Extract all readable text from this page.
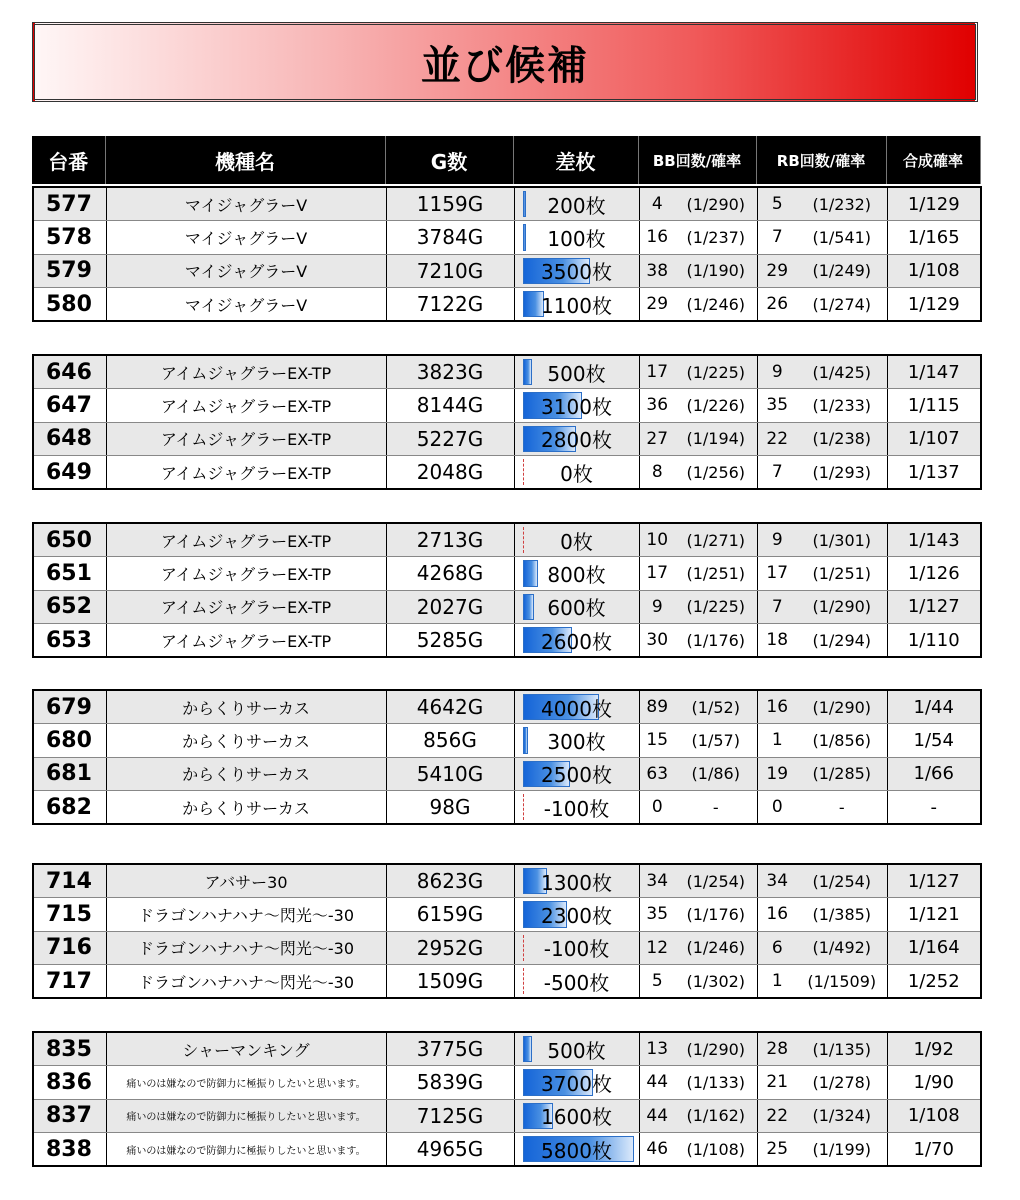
並び候補
台番	機種名	G数	差枚	BB回数/確率	RB回数/確率	合成確率
577	マイジャグラーV	1159G	200枚	4	(1/290)	5	(1/232)	1/129
578	マイジャグラーV	3784G	100枚	16	(1/237)	7	(1/541)	1/165
579	マイジャグラーV	7210G	3500枚	38	(1/190)	29	(1/249)	1/108
580	マイジャグラーV	7122G	1100枚	29	(1/246)	26	(1/274)	1/129
646	アイムジャグラーEX-TP	3823G	500枚	17	(1/225)	9	(1/425)	1/147
647	アイムジャグラーEX-TP	8144G	3100枚	36	(1/226)	35	(1/233)	1/115
648	アイムジャグラーEX-TP	5227G	2800枚	27	(1/194)	22	(1/238)	1/107
649	アイムジャグラーEX-TP	2048G	0枚	8	(1/256)	7	(1/293)	1/137
650	アイムジャグラーEX-TP	2713G	0枚	10	(1/271)	9	(1/301)	1/143
651	アイムジャグラーEX-TP	4268G	800枚	17	(1/251)	17	(1/251)	1/126
652	アイムジャグラーEX-TP	2027G	600枚	9	(1/225)	7	(1/290)	1/127
653	アイムジャグラーEX-TP	5285G	2600枚	30	(1/176)	18	(1/294)	1/110
679	からくりサーカス	4642G	4000枚	89	(1/52)	16	(1/290)	1/44
680	からくりサーカス	856G	300枚	15	(1/57)	1	(1/856)	1/54
681	からくりサーカス	5410G	2500枚	63	(1/86)	19	(1/285)	1/66
682	からくりサーカス	98G	-100枚	0	-	0	-	-
714	アバサー30	8623G	1300枚	34	(1/254)	34	(1/254)	1/127
715	ドラゴンハナハナ～閃光～-30	6159G	2300枚	35	(1/176)	16	(1/385)	1/121
716	ドラゴンハナハナ～閃光～-30	2952G	-100枚	12	(1/246)	6	(1/492)	1/164
717	ドラゴンハナハナ～閃光～-30	1509G	-500枚	5	(1/302)	1	(1/1509)	1/252
835	シャーマンキング	3775G	500枚	13	(1/290)	28	(1/135)	1/92
836	痛いのは嫌なので防御力に極振りしたいと思います。	5839G	3700枚	44	(1/133)	21	(1/278)	1/90
837	痛いのは嫌なので防御力に極振りしたいと思います。	7125G	1600枚	44	(1/162)	22	(1/324)	1/108
838	痛いのは嫌なので防御力に極振りしたいと思います。	4965G	5800枚	46	(1/108)	25	(1/199)	1/70
